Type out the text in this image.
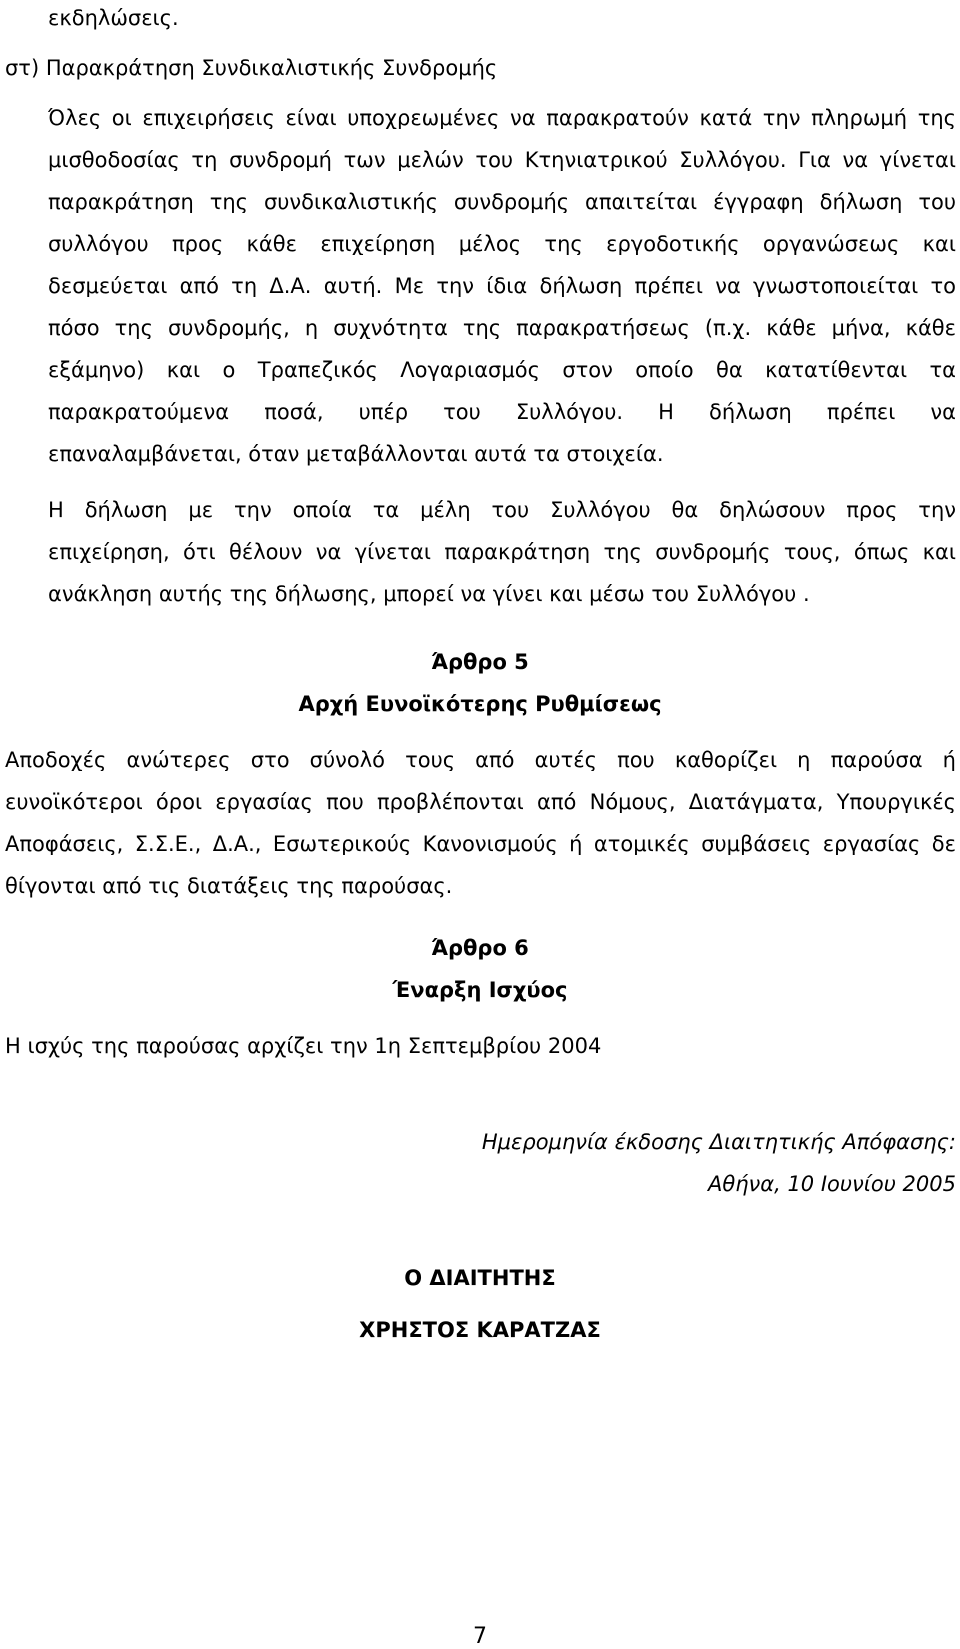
εκδηλώσεις.
στ) Παρακράτηση Συνδικαλιστικής Συνδρομής
Όλες οι επιχειρήσεις είναι υποχρεωμένες να παρακρατούν κατά την πληρωμή της
μισθοδοσίας τη συνδρομή των μελών του Κτηνιατρικού Συλλόγου. Για να γίνεται
παρακράτηση της συνδικαλιστικής συνδρομής απαιτείται έγγραφη δήλωση του
συλλόγου προς κάθε επιχείρηση μέλος της εργοδοτικής οργανώσεως και
δεσμεύεται από τη Δ.Α. αυτή. Με την ίδια δήλωση πρέπει να γνωστοποιείται το
πόσο της συνδρομής, η συχνότητα της παρακρατήσεως (π.χ. κάθε μήνα, κάθε
εξάμηνο) και ο Τραπεζικός Λογαριασμός στον οποίο θα κατατίθενται τα
παρακρατούμενα ποσά, υπέρ του Συλλόγου. Η δήλωση πρέπει να
επαναλαμβάνεται, όταν μεταβάλλονται αυτά τα στοιχεία.
Η δήλωση με την οποία τα μέλη του Συλλόγου θα δηλώσουν προς την
επιχείρηση, ότι θέλουν να γίνεται παρακράτηση της συνδρομής τους, όπως και
ανάκληση αυτής της δήλωσης, μπορεί να γίνει και μέσω του Συλλόγου .
Άρθρο 5
Αρχή Ευνοϊκότερης Ρυθμίσεως
Αποδοχές ανώτερες στο σύνολό τους από αυτές που καθορίζει η παρούσα ή
ευνοϊκότεροι όροι εργασίας που προβλέπονται από Νόμους, Διατάγματα, Υπουργικές
Αποφάσεις, Σ.Σ.Ε., Δ.Α., Εσωτερικούς Κανονισμούς ή ατομικές συμβάσεις εργασίας δε
θίγονται από τις διατάξεις της παρούσας.
Άρθρο 6
Έναρξη Ισχύος
Η ισχύς της παρούσας αρχίζει την 1η Σεπτεμβρίου 2004
Ημερομηνία έκδοσης Διαιτητικής Απόφασης:
Αθήνα, 10 Ιουνίου 2005
Ο ΔΙΑΙΤΗΤΗΣ
ΧΡΗΣΤΟΣ ΚΑΡΑΤΖΑΣ
7
